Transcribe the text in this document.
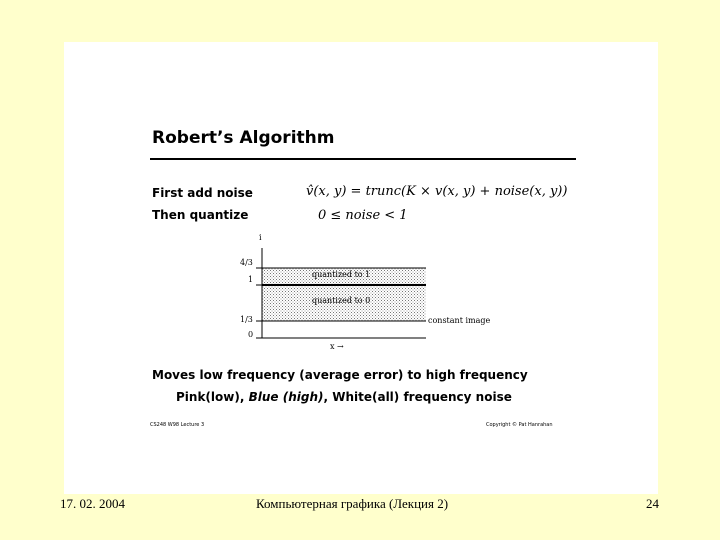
Robert’s Algorithm
First add noise
Then quantize
v̂(x, y) = trunc(K × v(x, y) + noise(x, y))
0 ≤ noise < 1
i
4/3
1
1/3
0
quantized to 1
quantized to 0
constant image
x →
Moves low frequency (average error) to high frequency
Pink(low), Blue (high), White(all) frequency noise
CS248 W98 Lecture 3	Copyright © Pat Hanrahan
17. 02. 2004	Компьютерная графика (Лекция 2)	24
